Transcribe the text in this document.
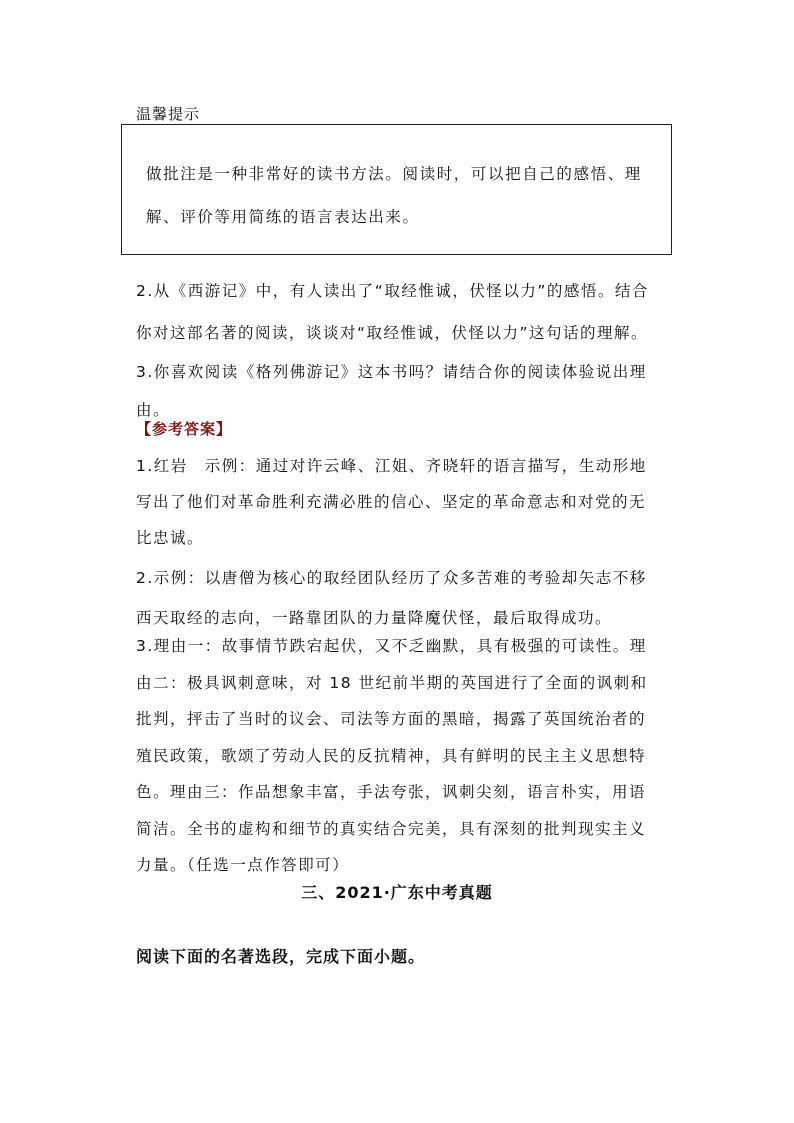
温馨提示
做批注是一种非常好的读书方法。阅读时，可以把自己的感悟、理
解、评价等用简练的语言表达出来。

2.从《西游记》中，有人读出了“取经惟诚，伏怪以力”的感悟。结合

你对这部名著的阅读，谈谈对“取经惟诚，伏怪以力”这句话的理解。

3.你喜欢阅读《格列佛游记》这本书吗？请结合你的阅读体验说出理

由。

【参考答案】

1.红岩　示例：通过对许云峰、江姐、齐晓轩的语言描写，生动形地

写出了他们对革命胜利充满必胜的信心、坚定的革命意志和对党的无

比忠诚。

2.示例：以唐僧为核心的取经团队经历了众多苦难的考验却矢志不移

西天取经的志向，一路靠团队的力量降魔伏怪，最后取得成功。

3.理由一：故事情节跌宕起伏，又不乏幽默，具有极强的可读性。理

由二：极具讽刺意味，对 18 世纪前半期的英国进行了全面的讽刺和

批判，抨击了当时的议会、司法等方面的黑暗，揭露了英国统治者的

殖民政策，歌颂了劳动人民的反抗精神，具有鲜明的民主主义思想特

色。理由三：作品想象丰富，手法夸张，讽刺尖刻，语言朴实，用语

简洁。全书的虚构和细节的真实结合完美，具有深刻的批判现实主义

力量。（任选一点作答即可）

三、2021·广东中考真题
阅读下面的名著选段，完成下面小题。
